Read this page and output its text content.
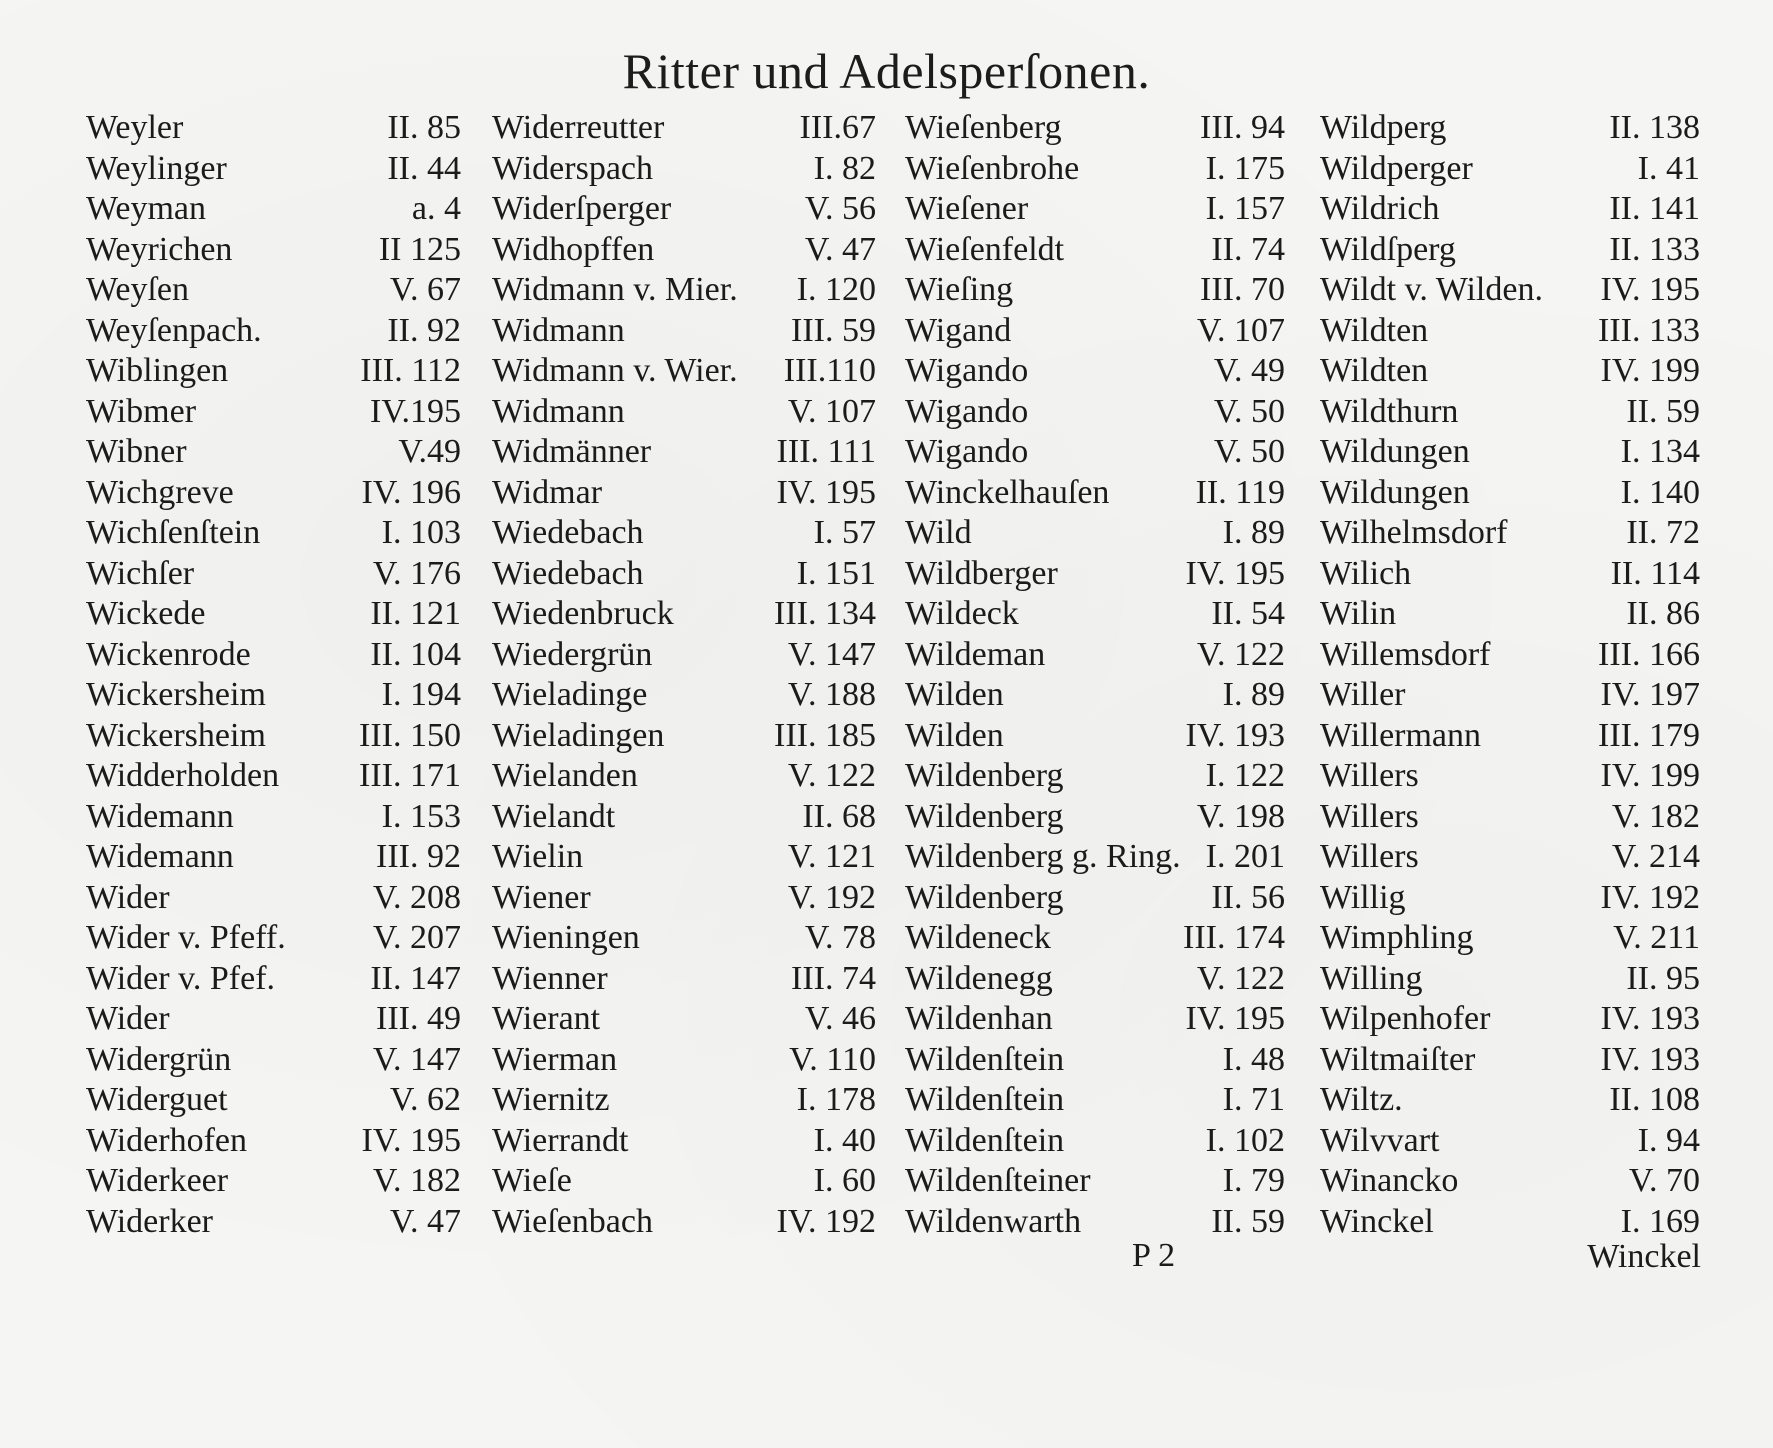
Ritter und Adelsperſonen.
Weyler	II. 85
Weylinger	II. 44
Weyman	a. 4
Weyrichen	II 125
Weyſen	V. 67
Weyſenpach.	II. 92
Wiblingen	III. 112
Wibmer	IV.195
Wibner	V.49
Wichgreve	IV. 196
Wichſenſtein	I. 103
Wichſer	V. 176
Wickede	II. 121
Wickenrode	II. 104
Wickersheim	I. 194
Wickersheim	III. 150
Widderholden III. 171
Widemann	I. 153
Widemann	III. 92
Wider	V. 208
Wider v. Pfeff.	V. 207
Wider v. Pfef.	II. 147
Wider	III. 49
Widergrün	V. 147
Widerguet	V. 62
Widerhofen	IV. 195
Widerkeer	V. 182
Widerker	V. 47
Widerreutter	III.67
Widerspach	I. 82
Widerſperger	V. 56
Widhopffen	V. 47
Widmann v. Mier. I. 120
Widmann	III. 59
Widmann v. Wier. III.110
Widmann	V. 107
Widmänner	III. 111
Widmar	IV. 195
Wiedebach	I. 57
Wiedebach	I. 151
Wiedenbruck	III. 134
Wiedergrün	V. 147
Wieladinge	V. 188
Wieladingen	III. 185
Wielanden	V. 122
Wielandt	II. 68
Wielin	V. 121
Wiener	V. 192
Wieningen	V. 78
Wienner	III. 74
Wierant	V. 46
Wierman	V. 110
Wiernitz	I. 178
Wierrandt	I. 40
Wieſe	I. 60
Wieſenbach	IV. 192
Wieſenberg	III. 94
Wieſenbrohe	I. 175
Wieſener	I. 157
Wieſenfeldt	II. 74
Wieſing	III. 70
Wigand	V. 107
Wigando	V. 49
Wigando	V. 50
Wigando	V. 50
Winckelhauſen	II. 119
Wild	I. 89
Wildberger	IV. 195
Wildeck	II. 54
Wildeman	V. 122
Wilden	I. 89
Wilden	IV. 193
Wildenberg	I. 122
Wildenberg	V. 198
Wildenberg g. Ring. I. 201
Wildenberg	II. 56
Wildeneck	III. 174
Wildenegg	V. 122
Wildenhan	IV. 195
Wildenſtein	I. 48
Wildenſtein	I. 71
Wildenſtein	I. 102
Wildenſteiner	I. 79
Wildenwarth	II. 59
Wildperg	II. 138
Wildperger	I. 41
Wildrich	II. 141
Wildſperg	II. 133
Wildt v. Wilden. IV. 195
Wildten	III. 133
Wildten	IV. 199
Wildthurn	II. 59
Wildungen	I. 134
Wildungen	I. 140
Wilhelmsdorf	II. 72
Wilich	II. 114
Wilin	II. 86
Willemsdorf	III. 166
Willer	IV. 197
Willermann	III. 179
Willers	IV. 199
Willers	V. 182
Willers	V. 214
Willig	IV. 192
Wimphling	V. 211
Willing	II. 95
Wilpenhofer	IV. 193
Wiltmaiſter	IV. 193
Wiltz.	II. 108
Wilvvart	I. 94
Winancko	V. 70
Winckel	I. 169
P 2	Winckel
